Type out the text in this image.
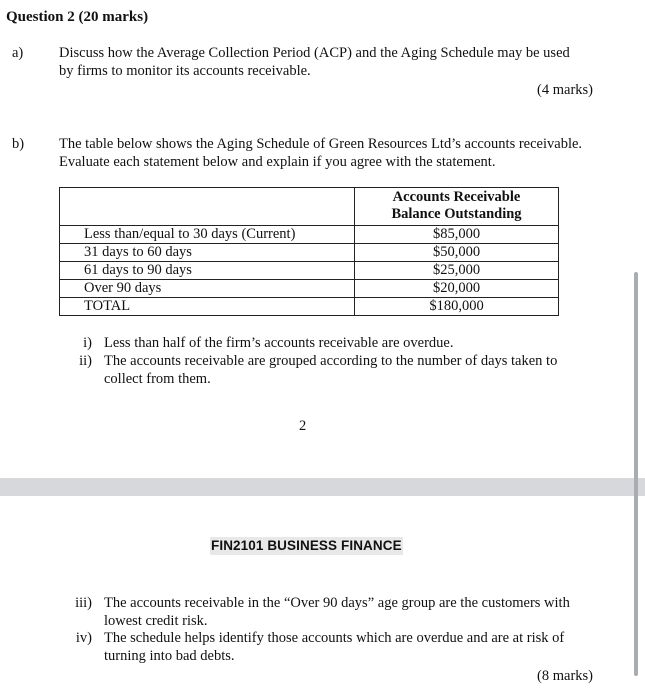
Question 2 (20 marks)
a) Discuss how the Average Collection Period (ACP) and the Aging Schedule may be used
by firms to monitor its accounts receivable.
(4 marks)
b) The table below shows the Aging Schedule of Green Resources Ltd’s accounts receivable.
Evaluate each statement below and explain if you agree with the statement.

	Accounts Receivable
Balance Outstanding

Less than/equal to 30 days (Current)	$85,000
31 days to 60 days	$50,000
61 days to 90 days	$25,000
Over 90 days	$20,000
TOTAL	$180,000
i) Less than half of the firm’s accounts receivable are overdue.
ii) The accounts receivable are grouped according to the number of days taken to
collect from them.
2
FIN2101 BUSINESS FINANCE
iii) The accounts receivable in the “Over 90 days” age group are the customers with
lowest credit risk.
iv) The schedule helps identify those accounts which are overdue and are at risk of
turning into bad debts.
(8 marks)
